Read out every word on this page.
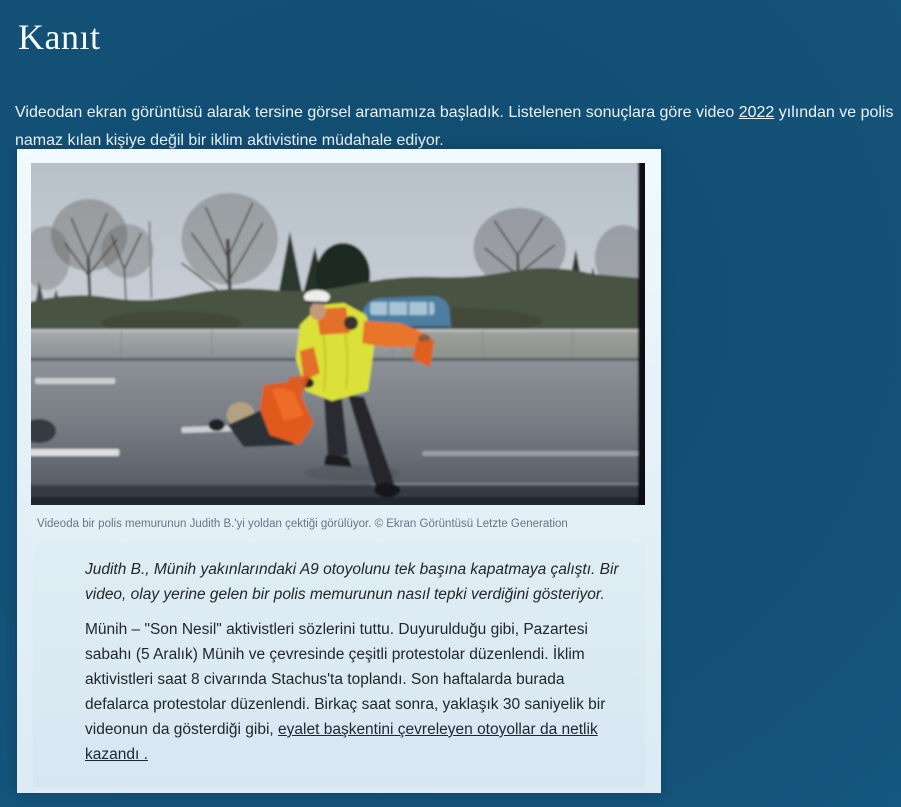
Kanıt

Videodan ekran görüntüsü alarak tersine görsel aramamıza başladık. Listelenen sonuçlara göre video 2022 yılından ve polis namaz kılan kişiye değil bir iklim aktivistine müdahale ediyor.

Videoda bir polis memurunun Judith B.'yi yoldan çektiği görülüyor. © Ekran Görüntüsü Letzte Generation

Judith B., Münih yakınlarındaki A9 otoyolunu tek başına kapatmaya çalıştı. Bir video, olay yerine gelen bir polis memurunun nasıl tepki verdiğini gösteriyor.

Münih – "Son Nesil" aktivistleri sözlerini tuttu. Duyurulduğu gibi, Pazartesi sabahı (5 Aralık) Münih ve çevresinde çeşitli protestolar düzenlendi. İklim aktivistleri saat 8 civarında Stachus'ta toplandı. Son haftalarda burada defalarca protestolar düzenlendi. Birkaç saat sonra, yaklaşık 30 saniyelik bir videonun da gösterdiği gibi, eyalet başkentini çevreleyen otoyollar da netlik kazandı .
